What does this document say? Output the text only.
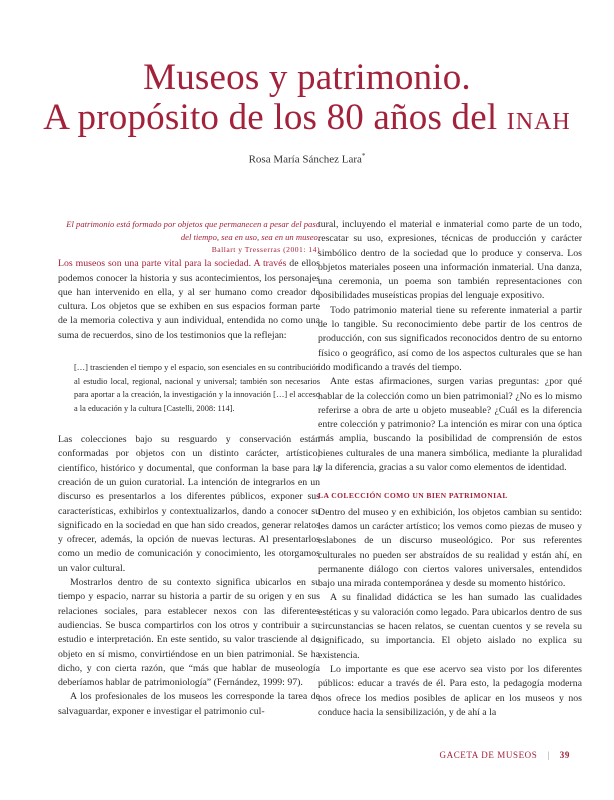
Museos y patrimonio.
A propósito de los 80 años del INAH
Rosa María Sánchez Lara*

El patrimonio está formado por objetos que permanecen a pesar del paso del tiempo, sea en uso, sea en un museo.

Ballart y Tresserras (2001: 14)

Los museos son una parte vital para la sociedad. A través de ellos podemos conocer la historia y sus acontecimientos, los personajes que han intervenido en ella, y al ser humano como creador de cultura. Los objetos que se exhiben en sus espacios forman parte de la memoria colectiva y aun individual, entendida no como una suma de recuerdos, sino de los testimonios que la reflejan:

[…] trascienden el tiempo y el espacio, son esenciales en su contribución al estudio local, regional, nacional y universal; también son necesarios para aportar a la creación, la investigación y la innovación […] el acceso a la educación y la cultura [Castelli, 2008: 114].

Las colecciones bajo su resguardo y conservación están conformadas por objetos con un distinto carácter, artístico, científico, histórico y documental, que conforman la base para la creación de un guion curatorial. La intención de integrarlos en un discurso es presentarlos a los diferentes públicos, exponer sus características, exhibirlos y contextualizarlos, dando a conocer su significado en la sociedad en que han sido creados, generar relatos y ofrecer, además, la opción de nuevas lecturas. Al presentarlos como un medio de comunicación y conocimiento, les otorgamos un valor cultural.

Mostrarlos dentro de su contexto significa ubicarlos en su tiempo y espacio, narrar su historia a partir de su origen y en sus relaciones sociales, para establecer nexos con las diferentes audiencias. Se busca compartirlos con los otros y contribuir a su estudio e interpretación. En este sentido, su valor trasciende al de objeto en sí mismo, convirtiéndose en un bien patrimonial. Se ha dicho, y con cierta razón, que “más que hablar de museología deberíamos hablar de patrimoniología” (Fernández, 1999: 97).

A los profesionales de los museos les corresponde la tarea de salvaguardar, exponer e investigar el patrimonio cul-

tural, incluyendo el material e inmaterial como parte de un todo, rescatar su uso, expresiones, técnicas de producción y carácter simbólico dentro de la sociedad que lo produce y conserva. Los objetos materiales poseen una información inmaterial. Una danza, una ceremonia, un poema son también representaciones con posibilidades museísticas propias del lenguaje expositivo.

Todo patrimonio material tiene su referente inmaterial a partir de lo tangible. Su reconocimiento debe partir de los centros de producción, con sus significados reconocidos dentro de su entorno físico o geográfico, así como de los aspectos culturales que se han ido modificando a través del tiempo.

Ante estas afirmaciones, surgen varias preguntas: ¿por qué hablar de la colección como un bien patrimonial? ¿No es lo mismo referirse a obra de arte u objeto museable? ¿Cuál es la diferencia entre colección y patrimonio? La intención es mirar con una óptica más amplia, buscando la posibilidad de comprensión de estos bienes culturales de una manera simbólica, mediante la pluralidad y la diferencia, gracias a su valor como elementos de identidad.

LA COLECCIÓN COMO UN BIEN PATRIMONIAL

Dentro del museo y en exhibición, los objetos cambian su sentido: les damos un carácter artístico; los vemos como piezas de museo y eslabones de un discurso museológico. Por sus referentes culturales no pueden ser abstraídos de su realidad y están ahí, en permanente diálogo con ciertos valores universales, entendidos bajo una mirada contemporánea y desde su momento histórico.

A su finalidad didáctica se les han sumado las cualidades estéticas y su valoración como legado. Para ubicarlos dentro de sus circunstancias se hacen relatos, se cuentan cuentos y se revela su significado, su importancia. El objeto aislado no explica su existencia.

Lo importante es que ese acervo sea visto por los diferentes públicos: educar a través de él. Para esto, la pedagogía moderna nos ofrece los medios posibles de aplicar en los museos y nos conduce hacia la sensibilización, y de ahí a la

GACETA DE MUSEOS | 39
